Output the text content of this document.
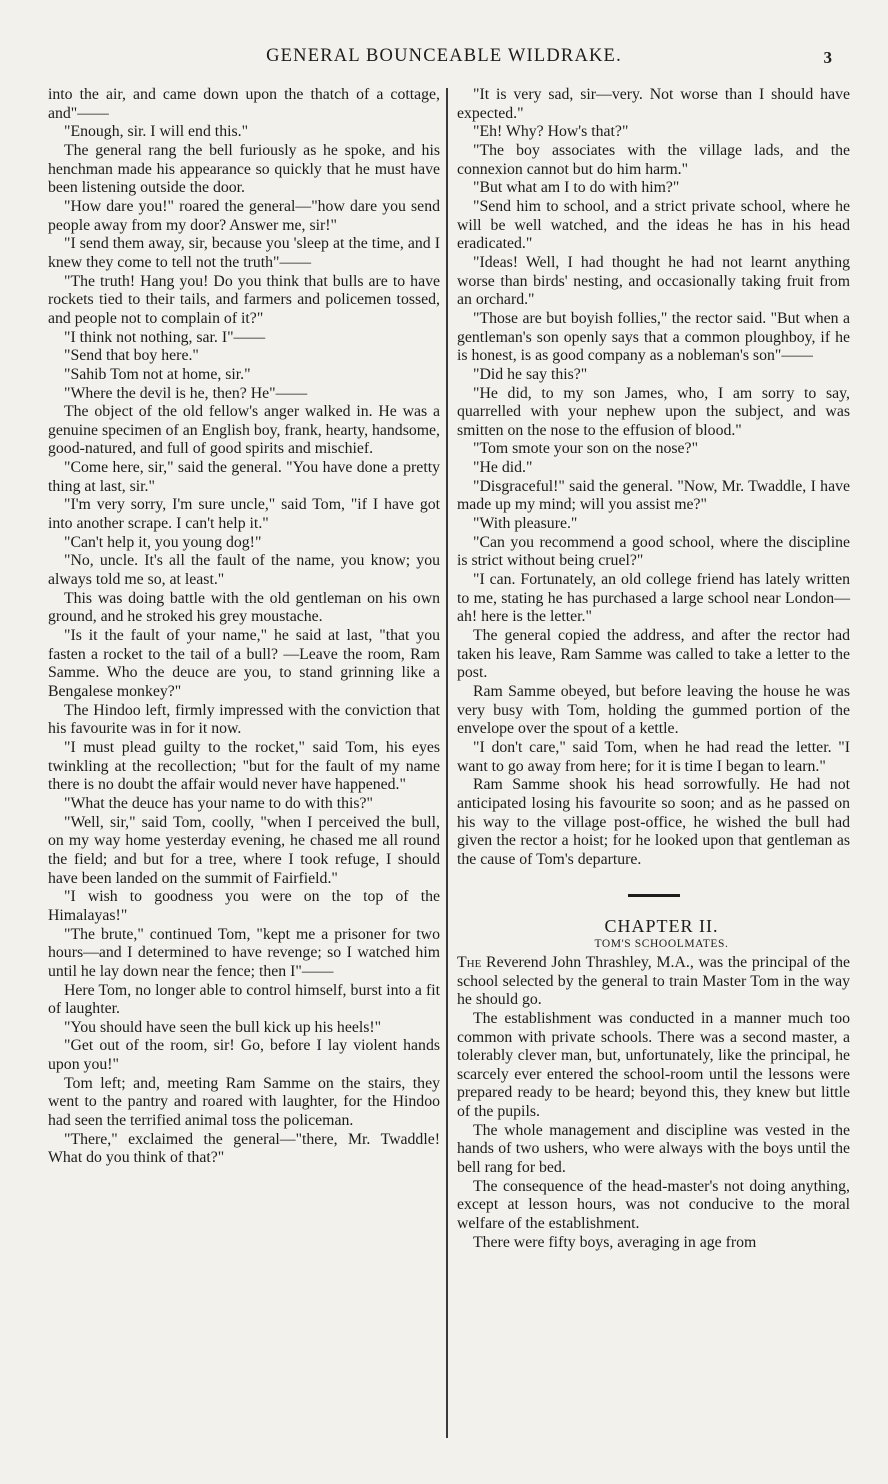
GENERAL BOUNCEABLE WILDRAKE.	3

into the air, and came down upon the thatch of a cottage, and"——

"Enough, sir. I will end this."

The general rang the bell furiously as he spoke, and his henchman made his appearance so quickly that he must have been listening outside the door.

"How dare you!" roared the general—"how dare you send people away from my door? Answer me, sir!"

"I send them away, sir, because you 'sleep at the time, and I knew they come to tell not the truth"——

"The truth! Hang you! Do you think that bulls are to have rockets tied to their tails, and farmers and policemen tossed, and people not to complain of it?"

"I think not nothing, sar. I"——

"Send that boy here."

"Sahib Tom not at home, sir."

"Where the devil is he, then? He"——

The object of the old fellow's anger walked in. He was a genuine specimen of an English boy, frank, hearty, handsome, good-natured, and full of good spirits and mischief.

"Come here, sir," said the general. "You have done a pretty thing at last, sir."

"I'm very sorry, I'm sure uncle," said Tom, "if I have got into another scrape. I can't help it."

"Can't help it, you young dog!"

"No, uncle. It's all the fault of the name, you know; you always told me so, at least."

This was doing battle with the old gentleman on his own ground, and he stroked his grey moustache.

"Is it the fault of your name," he said at last, "that you fasten a rocket to the tail of a bull? —Leave the room, Ram Samme. Who the deuce are you, to stand grinning like a Bengalese monkey?"

The Hindoo left, firmly impressed with the conviction that his favourite was in for it now.

"I must plead guilty to the rocket," said Tom, his eyes twinkling at the recollection; "but for the fault of my name there is no doubt the affair would never have happened."

"What the deuce has your name to do with this?"

"Well, sir," said Tom, coolly, "when I perceived the bull, on my way home yesterday evening, he chased me all round the field; and but for a tree, where I took refuge, I should have been landed on the summit of Fairfield."

"I wish to goodness you were on the top of the Himalayas!"

"The brute," continued Tom, "kept me a prisoner for two hours—and I determined to have revenge; so I watched him until he lay down near the fence; then I"——

Here Tom, no longer able to control himself, burst into a fit of laughter.

"You should have seen the bull kick up his heels!"

"Get out of the room, sir! Go, before I lay violent hands upon you!"

Tom left; and, meeting Ram Samme on the stairs, they went to the pantry and roared with laughter, for the Hindoo had seen the terrified animal toss the policeman.

"There," exclaimed the general—"there, Mr. Twaddle! What do you think of that?"

"It is very sad, sir—very. Not worse than I should have expected."

"Eh! Why? How's that?"

"The boy associates with the village lads, and the connexion cannot but do him harm."

"But what am I to do with him?"

"Send him to school, and a strict private school, where he will be well watched, and the ideas he has in his head eradicated."

"Ideas! Well, I had thought he had not learnt anything worse than birds' nesting, and occasionally taking fruit from an orchard."

"Those are but boyish follies," the rector said. "But when a gentleman's son openly says that a common ploughboy, if he is honest, is as good company as a nobleman's son"——

"Did he say this?"

"He did, to my son James, who, I am sorry to say, quarrelled with your nephew upon the subject, and was smitten on the nose to the effusion of blood."

"Tom smote your son on the nose?"

"He did."

"Disgraceful!" said the general. "Now, Mr. Twaddle, I have made up my mind; will you assist me?"

"With pleasure."

"Can you recommend a good school, where the discipline is strict without being cruel?"

"I can. Fortunately, an old college friend has lately written to me, stating he has purchased a large school near London—ah! here is the letter."

The general copied the address, and after the rector had taken his leave, Ram Samme was called to take a letter to the post.

Ram Samme obeyed, but before leaving the house he was very busy with Tom, holding the gummed portion of the envelope over the spout of a kettle.

"I don't care," said Tom, when he had read the letter. "I want to go away from here; for it is time I began to learn."

Ram Samme shook his head sorrowfully. He had not anticipated losing his favourite so soon; and as he passed on his way to the village post-office, he wished the bull had given the rector a hoist; for he looked upon that gentleman as the cause of Tom's departure.

CHAPTER II.

TOM'S SCHOOLMATES.

The Reverend John Thrashley, M.A., was the principal of the school selected by the general to train Master Tom in the way he should go.

The establishment was conducted in a manner much too common with private schools. There was a second master, a tolerably clever man, but, unfortunately, like the principal, he scarcely ever entered the school-room until the lessons were prepared ready to be heard; beyond this, they knew but little of the pupils.

The whole management and discipline was vested in the hands of two ushers, who were always with the boys until the bell rang for bed.

The consequence of the head-master's not doing anything, except at lesson hours, was not conducive to the moral welfare of the establishment.

There were fifty boys, averaging in age from
